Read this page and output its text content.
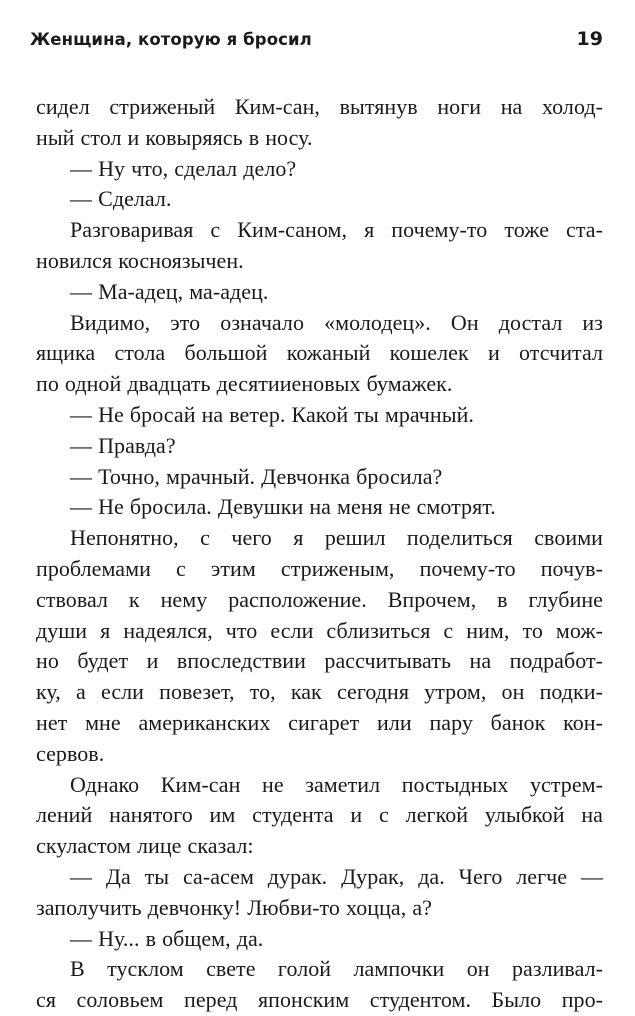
Женщина, которую я бросил	19
сидел стриженый Ким-сан, вытянув ноги на холод-
ный стол и ковыряясь в носу.
— Ну что, сделал дело?
— Сделал.
Разговаривая с Ким-саном, я почему-то тоже ста-
новился косноязычен.
— Ма-адец, ма-адец.
Видимо, это означало «молодец». Он достал из
ящика стола большой кожаный кошелек и отсчитал
по одной двадцать десятииеновых бумажек.
— Не бросай на ветер. Какой ты мрачный.
— Правда?
— Точно, мрачный. Девчонка бросила?
— Не бросила. Девушки на меня не смотрят.
Непонятно, с чего я решил поделиться своими
проблемами с этим стриженым, почему-то почув-
ствовал к нему расположение. Впрочем, в глубине
души я надеялся, что если сблизиться с ним, то мож-
но будет и впоследствии рассчитывать на подработ-
ку, а если повезет, то, как сегодня утром, он подки-
нет мне американских сигарет или пару банок кон-
сервов.
Однако Ким-сан не заметил постыдных устрем-
лений нанятого им студента и с легкой улыбкой на
скуластом лице сказал:
— Да ты са-асем дурак. Дурак, да. Чего легче —
заполучить девчонку! Любви-то хоцца, а?
— Ну... в общем, да.
В тусклом свете голой лампочки он разливал-
ся соловьем перед японским студентом. Было про-
